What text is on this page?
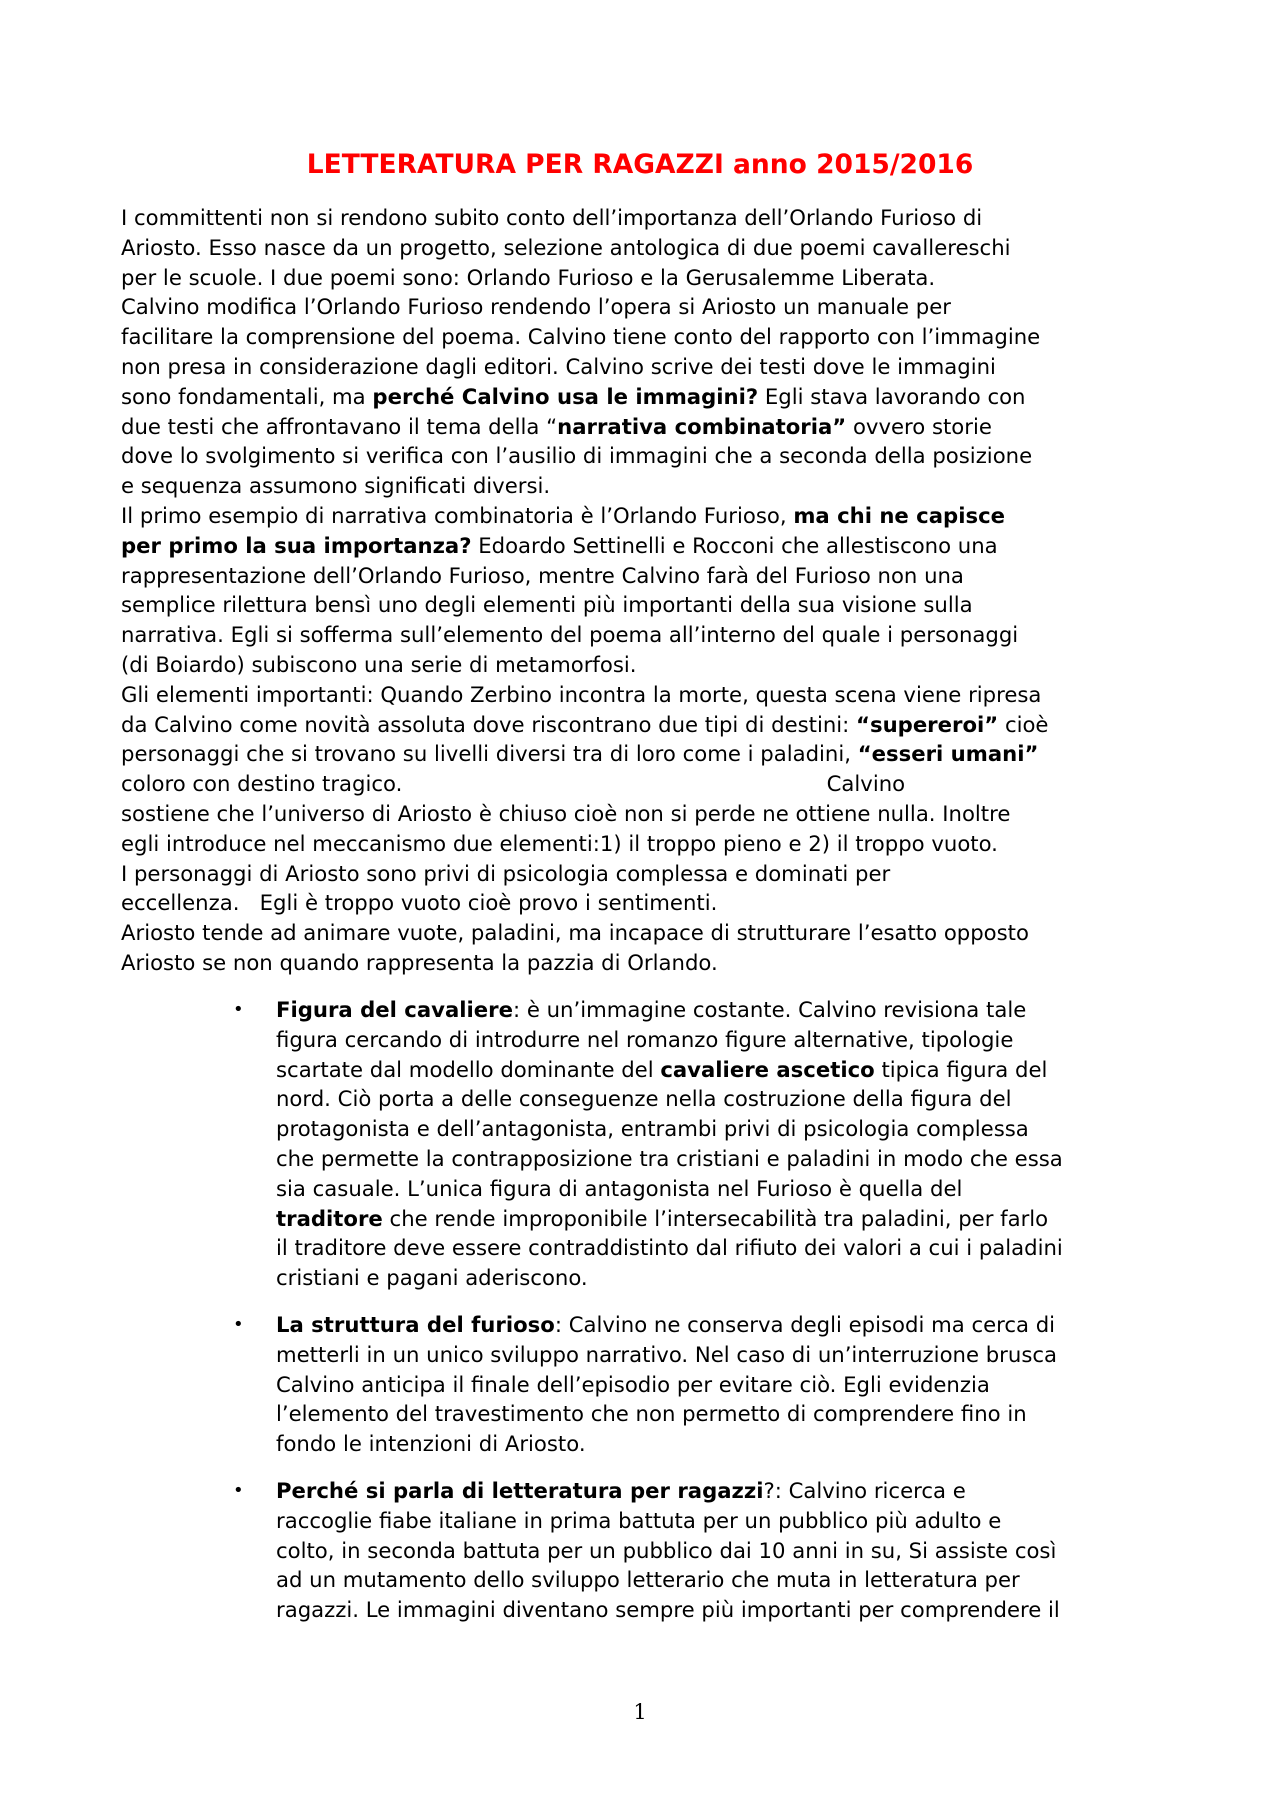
LETTERATURA PER RAGAZZI anno 2015/2016
I committenti non si rendono subito conto dell’importanza dell’Orlando Furioso di
Ariosto. Esso nasce da un progetto, selezione antologica di due poemi cavallereschi
per le scuole. I due poemi sono: Orlando Furioso e la Gerusalemme Liberata.
Calvino modifica l’Orlando Furioso rendendo l’opera si Ariosto un manuale per
facilitare la comprensione del poema. Calvino tiene conto del rapporto con l’immagine
non presa in considerazione dagli editori. Calvino scrive dei testi dove le immagini
sono fondamentali, ma perché Calvino usa le immagini? Egli stava lavorando con
due testi che affrontavano il tema della “narrativa combinatoria” ovvero storie
dove lo svolgimento si verifica con l’ausilio di immagini che a seconda della posizione
e sequenza assumono significati diversi.
Il primo esempio di narrativa combinatoria è l’Orlando Furioso, ma chi ne capisce
per primo la sua importanza? Edoardo Settinelli e Rocconi che allestiscono una
rappresentazione dell’Orlando Furioso, mentre Calvino farà del Furioso non una
semplice rilettura bensì uno degli elementi più importanti della sua visione sulla
narrativa. Egli si sofferma sull’elemento del poema all’interno del quale i personaggi
(di Boiardo) subiscono una serie di metamorfosi.
Gli elementi importanti: Quando Zerbino incontra la morte, questa scena viene ripresa
da Calvino come novità assoluta dove riscontrano due tipi di destini: “supereroi” cioè
personaggi che si trovano su livelli diversi tra di loro come i paladini, “esseri umani”
coloro con destino tragico.                                                               Calvino
sostiene che l’universo di Ariosto è chiuso cioè non si perde ne ottiene nulla. Inoltre
egli introduce nel meccanismo due elementi:1) il troppo pieno e 2) il troppo vuoto.
I personaggi di Ariosto sono privi di psicologia complessa e dominati per
eccellenza.   Egli è troppo vuoto cioè provo i sentimenti.
Ariosto tende ad animare vuote, paladini, ma incapace di strutturare l’esatto opposto
Ariosto se non quando rappresenta la pazzia di Orlando.
•	Figura del cavaliere: è un’immagine costante. Calvino revisiona tale
figura cercando di introdurre nel romanzo figure alternative, tipologie
scartate dal modello dominante del cavaliere ascetico tipica figura del
nord. Ciò porta a delle conseguenze nella costruzione della figura del
protagonista e dell’antagonista, entrambi privi di psicologia complessa
che permette la contrapposizione tra cristiani e paladini in modo che essa
sia casuale. L’unica figura di antagonista nel Furioso è quella del
traditore che rende improponibile l’intersecabilità tra paladini, per farlo
il traditore deve essere contraddistinto dal rifiuto dei valori a cui i paladini
cristiani e pagani aderiscono.
•	La struttura del furioso: Calvino ne conserva degli episodi ma cerca di
metterli in un unico sviluppo narrativo. Nel caso di un’interruzione brusca
Calvino anticipa il finale dell’episodio per evitare ciò. Egli evidenzia
l’elemento del travestimento che non permetto di comprendere fino in
fondo le intenzioni di Ariosto.
•	Perché si parla di letteratura per ragazzi?: Calvino ricerca e
raccoglie fiabe italiane in prima battuta per un pubblico più adulto e
colto, in seconda battuta per un pubblico dai 10 anni in su, Si assiste così
ad un mutamento dello sviluppo letterario che muta in letteratura per
ragazzi. Le immagini diventano sempre più importanti per comprendere il
1
